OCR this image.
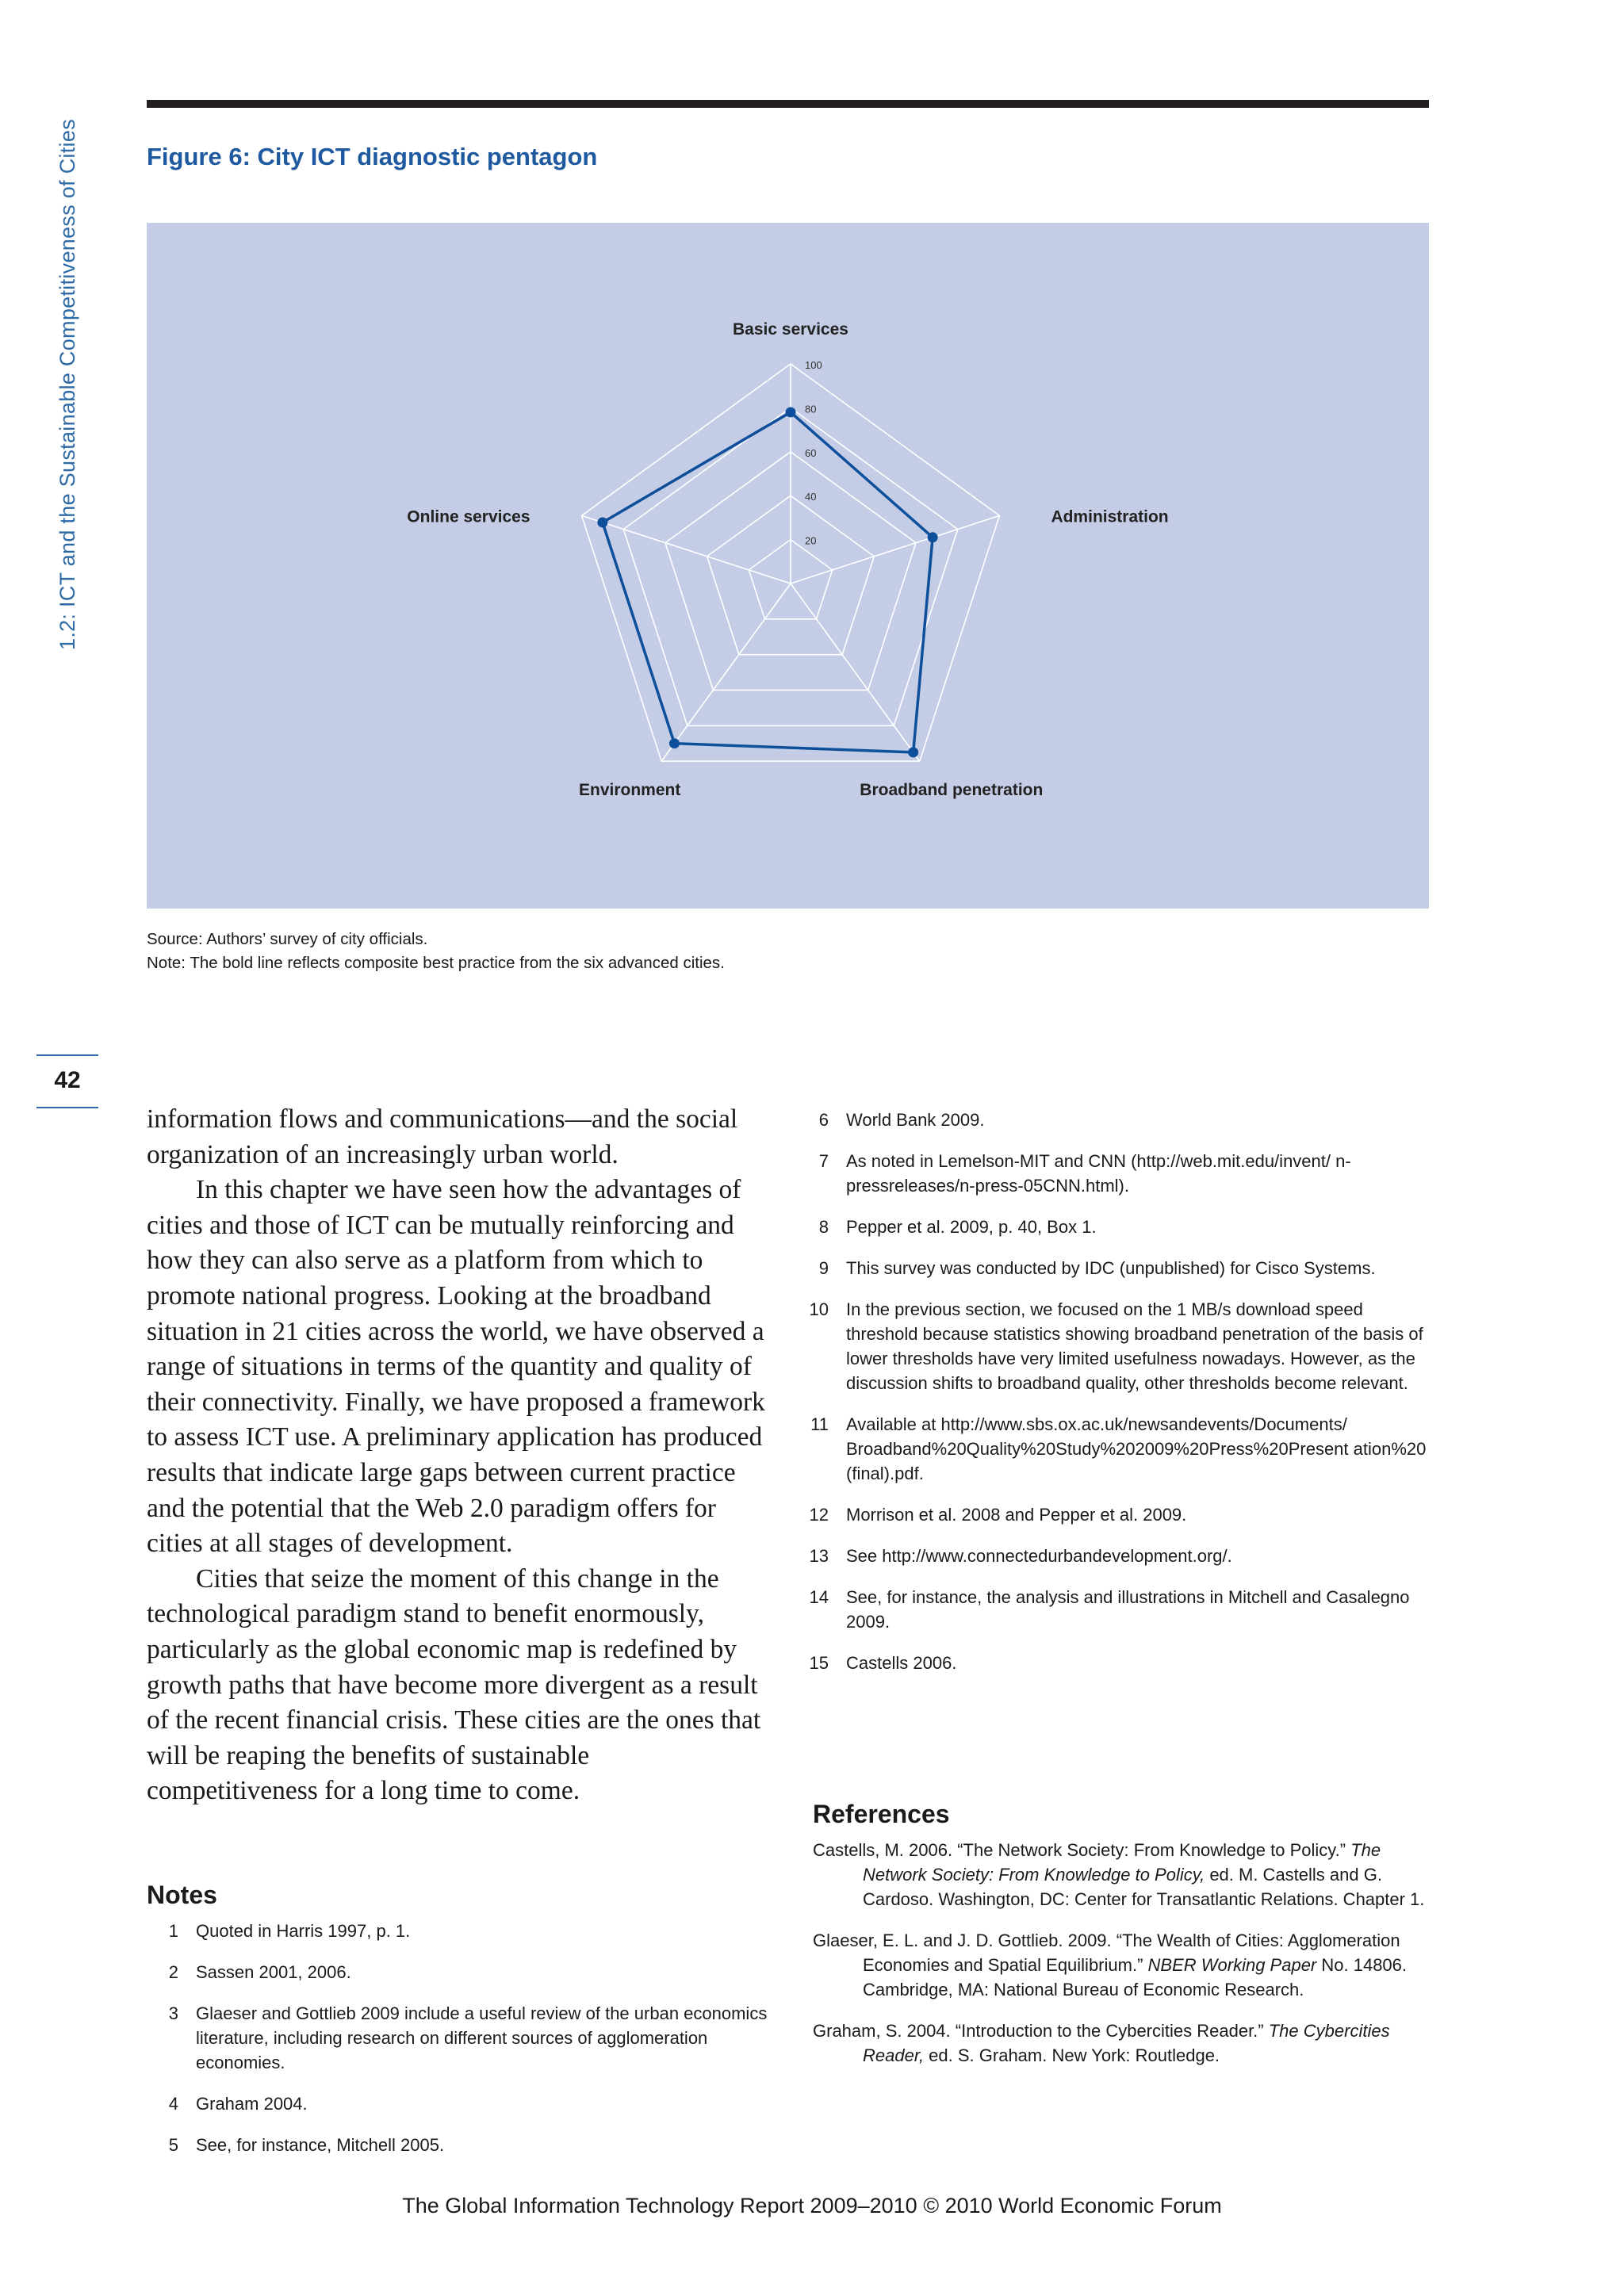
1.2: ICT and the Sustainable Competitiveness of Cities
42
Figure 6: City ICT diagnostic pentagon
20
40
60
80
100
Basic services
Administration
Broadband penetration
Environment
Online services
Source: Authors’ survey of city officials.
Note: The bold line reflects composite best practice from the six advanced cities.

information flows and communications—and the social organization of an increasingly urban world.

In this chapter we have seen how the advantages of cities and those of ICT can be mutually reinforcing and how they can also serve as a platform from which to promote national progress. Looking at the broadband situation in 21 cities across the world, we have observed a range of situations in terms of the quantity and quality of their connectivity. Finally, we have proposed a framework to assess ICT use. A preliminary application has produced results that indicate large gaps between current practice and the potential that the Web 2.0 paradigm offers for cities at all stages of development.

Cities that seize the moment of this change in the technological paradigm stand to benefit enormously, particularly as the global economic map is redefined by growth paths that have become more divergent as a result of the recent financial crisis. These cities are the ones that will be reaping the benefits of sustainable competitiveness for a long time to come.

Notes
1	Quoted in Harris 1997, p. 1.
2	Sassen 2001, 2006.
3	Glaeser and Gottlieb 2009 include a useful review of the urban economics literature, including research on different sources of agglomeration economies.
4	Graham 2004.
5	See, for instance, Mitchell 2005.
6	World Bank 2009.
7	As noted in Lemelson-MIT and CNN (http://web.mit.edu/invent/ n-pressreleases/n-press-05CNN.html).
8	Pepper et al. 2009, p. 40, Box 1.
9	This survey was conducted by IDC (unpublished) for Cisco Systems.
10	In the previous section, we focused on the 1 MB/s download speed threshold because statistics showing broadband penetration of the basis of lower thresholds have very limited usefulness nowadays. However, as the discussion shifts to broadband quality, other thresholds become relevant.
11	Available at http://www.sbs.ox.ac.uk/newsandevents/Documents/ Broadband%20Quality%20Study%202009%20Press%20Present ation%20 (final).pdf.
12	Morrison et al. 2008 and Pepper et al. 2009.
13	See http://www.connectedurbandevelopment.org/.
14	See, for instance, the analysis and illustrations in Mitchell and Casalegno 2009.
15	Castells 2006.
References
Castells, M. 2006. “The Network Society: From Knowledge to Policy.” The Network Society: From Knowledge to Policy, ed. M. Castells and G. Cardoso. Washington, DC: Center for Transatlantic Relations. Chapter 1.
Glaeser, E. L. and J. D. Gottlieb. 2009. “The Wealth of Cities: Agglomeration Economies and Spatial Equilibrium.” NBER Working Paper No. 14806. Cambridge, MA: National Bureau of Economic Research.
Graham, S. 2004. “Introduction to the Cybercities Reader.” The Cybercities Reader, ed. S. Graham. New York: Routledge.
The Global Information Technology Report 2009–2010 © 2010 World Economic Forum
